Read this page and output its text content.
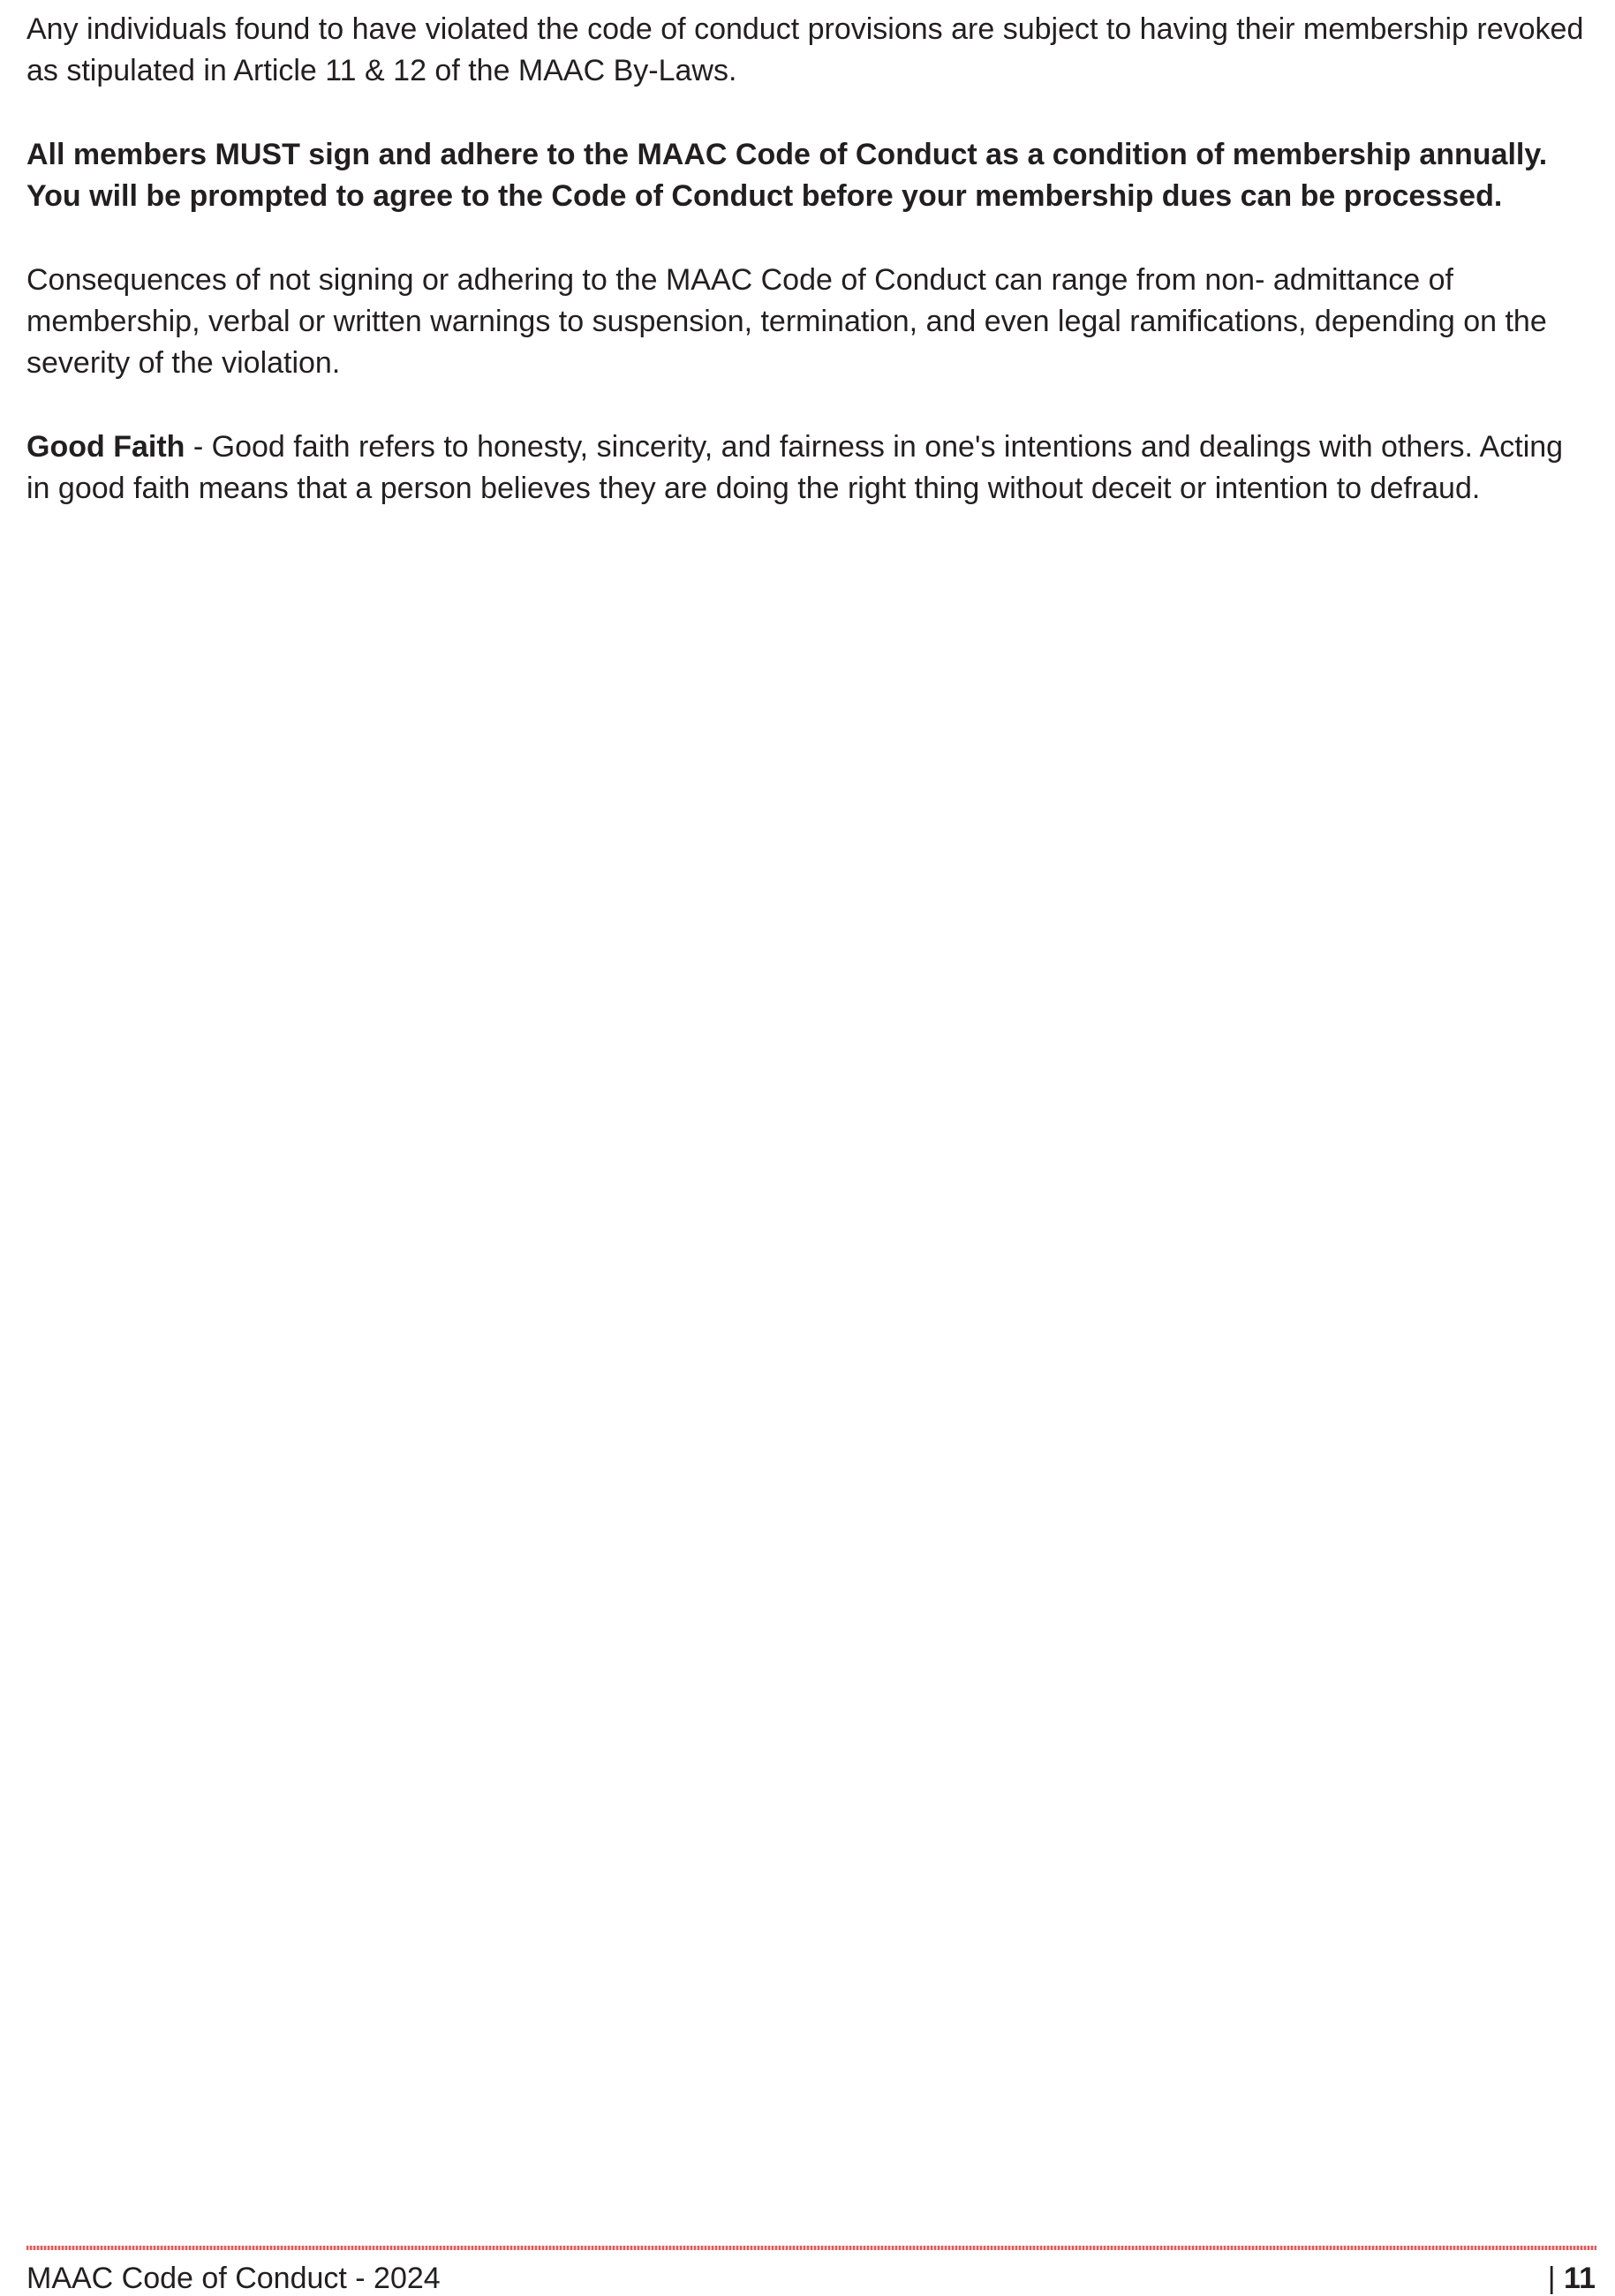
Any individuals found to have violated the code of conduct provisions are subject to having their membership revoked as stipulated in Article 11 & 12 of the MAAC By-Laws.

All members MUST sign and adhere to the MAAC Code of Conduct as a condition of membership annually. You will be prompted to agree to the Code of Conduct before your membership dues can be processed.

Consequences of not signing or adhering to the MAAC Code of Conduct can range from non- admittance of membership, verbal or written warnings to suspension, termination, and even legal ramifications, depending on the severity of the violation.

Good Faith - Good faith refers to honesty, sincerity, and fairness in one's intentions and dealings with others. Acting in good faith means that a person believes they are doing the right thing without deceit or intention to defraud.

MAAC Code of Conduct - 2024	| 11
